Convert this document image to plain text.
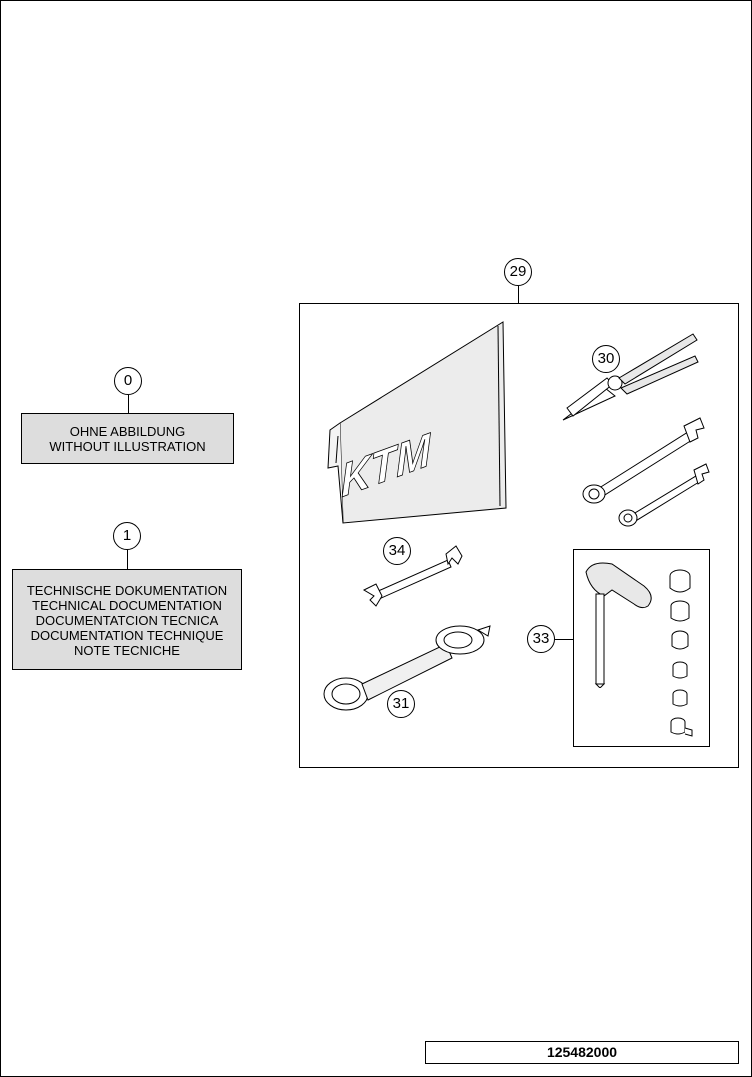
0
OHNE ABBILDUNG
WITHOUT ILLUSTRATION
1
TECHNISCHE DOKUMENTATION
TECHNICAL DOCUMENTATION
DOCUMENTATCION TECNICA
DOCUMENTATION TECHNIQUE
NOTE TECNICHE
29
KTM
30
34
31
33
125482000
